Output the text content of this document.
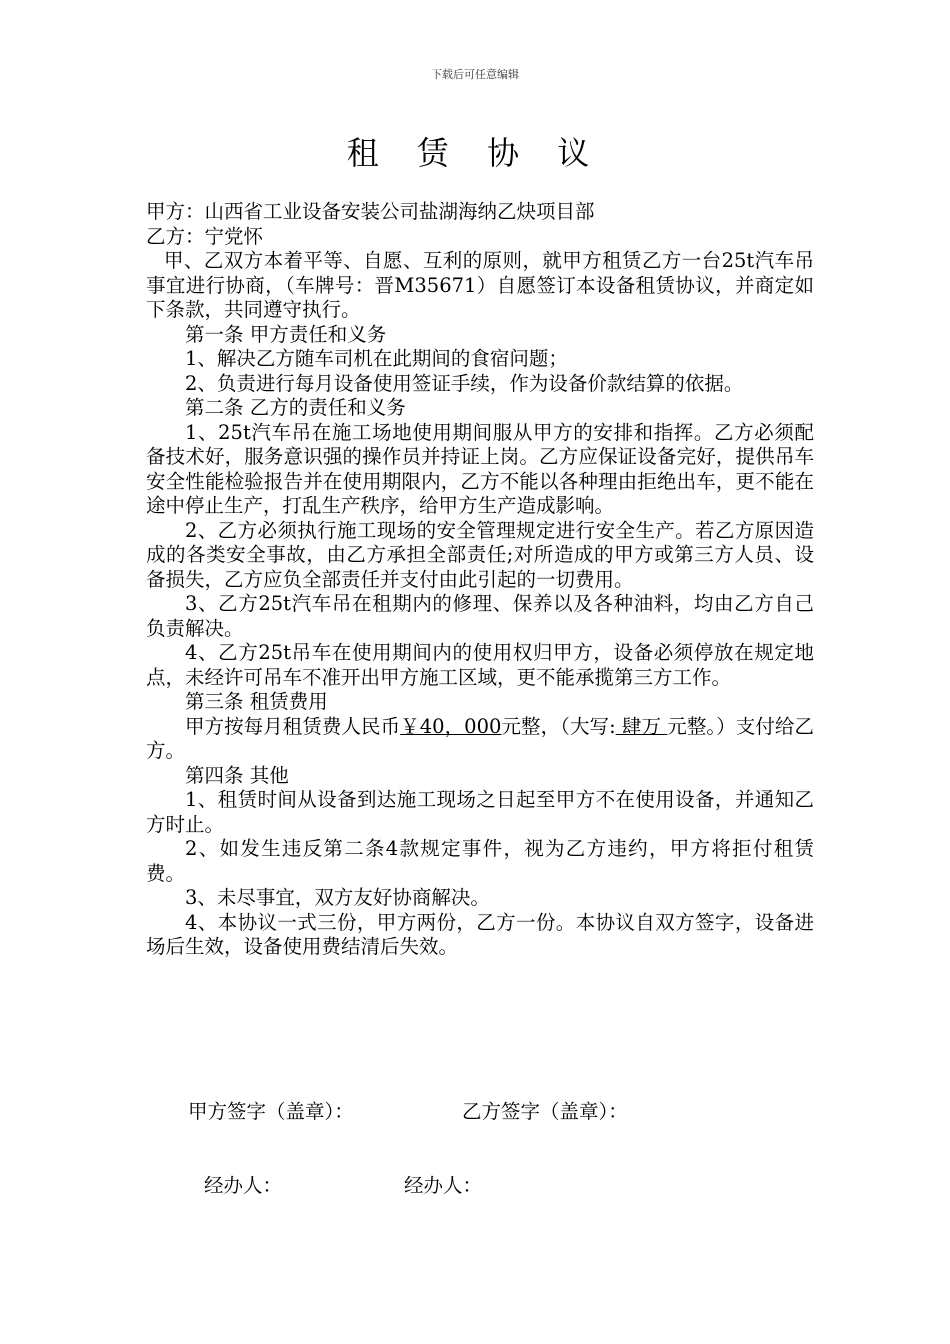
下载后可任意编辑
租 赁 协 议

甲方：山西省工业设备安装公司盐湖海纳乙炔项目部

乙方：宁党怀

甲、乙双方本着平等、自愿、互利的原则，就甲方租赁乙方一台25t汽车吊事宜进行协商，（车牌号：晋M35671）自愿签订本设备租赁协议，并商定如下条款，共同遵守执行。

第一条 甲方责任和义务

1、解决乙方随车司机在此期间的食宿问题；

2、负责进行每月设备使用签证手续，作为设备价款结算的依据。

第二条 乙方的责任和义务

1、25t汽车吊在施工场地使用期间服从甲方的安排和指挥。乙方必须配备技术好，服务意识强的操作员并持证上岗。乙方应保证设备完好，提供吊车安全性能检验报告并在使用期限内，乙方不能以各种理由拒绝出车，更不能在途中停止生产，打乱生产秩序，给甲方生产造成影响。

2、乙方必须执行施工现场的安全管理规定进行安全生产。若乙方原因造成的各类安全事故，由乙方承担全部责任;对所造成的甲方或第三方人员、设备损失，乙方应负全部责任并支付由此引起的一切费用。

3、乙方25t汽车吊在租期内的修理、保养以及各种油料，均由乙方自己负责解决。

4、乙方25t吊车在使用期间内的使用权归甲方，设备必须停放在规定地点，未经许可吊车不准开出甲方施工区域，更不能承揽第三方工作。

第三条 租赁费用

甲方按每月租赁费人民币￥40，000元整，（大写: 肆万 元整。）支付给乙方。

第四条 其他

1、租赁时间从设备到达施工现场之日起至甲方不在使用设备，并通知乙方时止。

2、如发生违反第二条4款规定事件，视为乙方违约，甲方将拒付租赁费。

3、未尽事宜，双方友好协商解决。

4、本协议一式三份，甲方两份，乙方一份。本协议自双方签字，设备进场后生效，设备使用费结清后失效。

甲方签字（盖章）：	乙方签字（盖章）：
经办人：	经办人：
